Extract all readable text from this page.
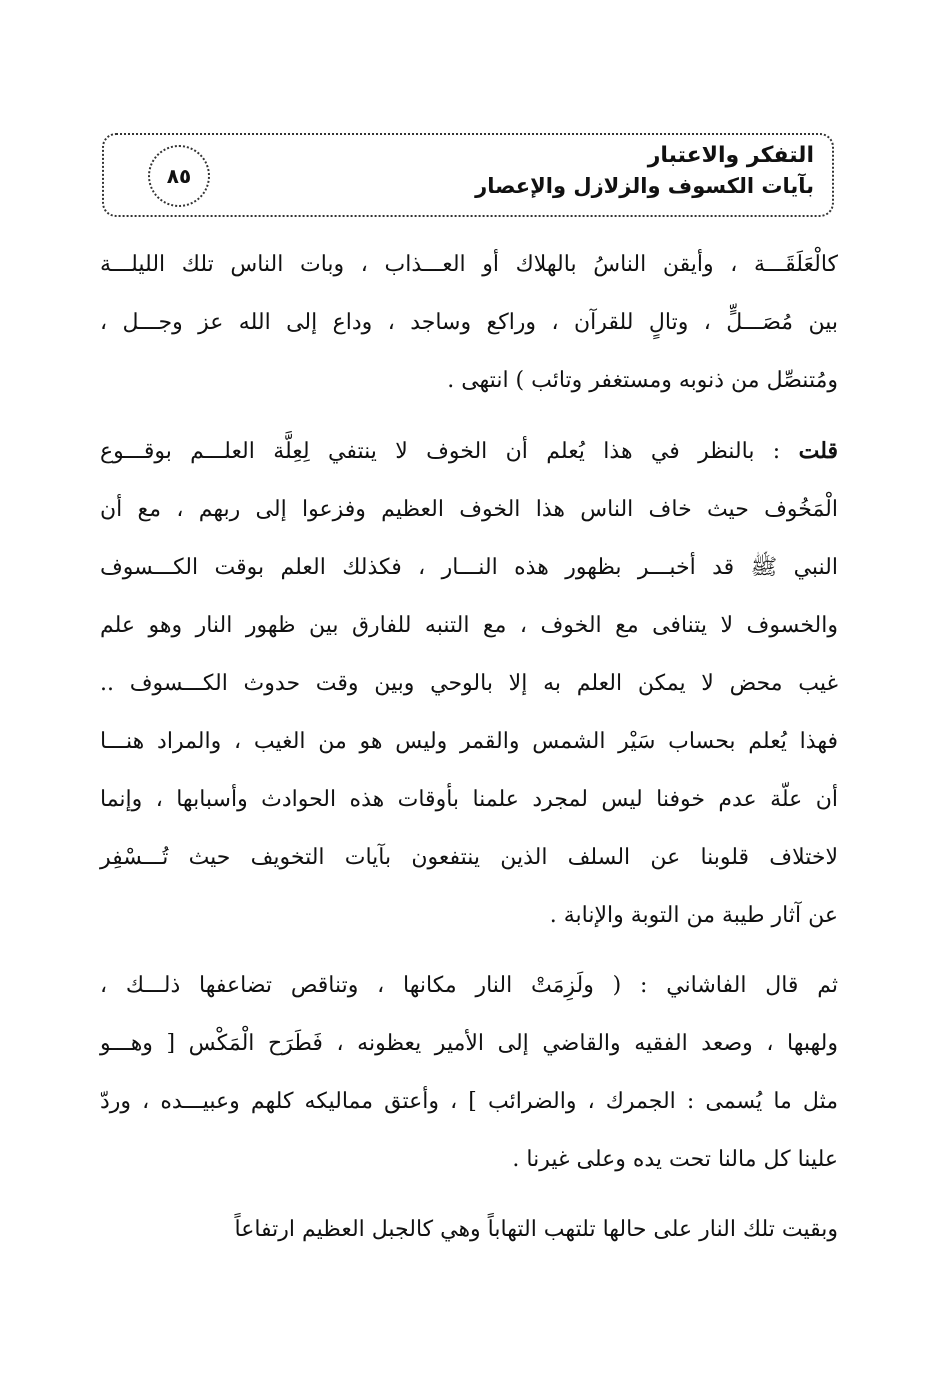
التفكر والاعتبار
بآيات الكسوف والزلازل والإعصار
٨٥

كالْعَلَقَـــة ، وأيقن الناسُ بالهلاك أو العـــذاب ، وبات الناس تلك الليلـــة
بين مُصَـــلٍّ ، وتالٍ للقرآن ، وراكع وساجد ، وداع إلى الله عز وجـــل ،
ومُتنصِّل من ذنوبه ومستغفر وتائب ) انتهى .

قلت : بالنظر في هذا يُعلم أن الخوف لا ينتفي لِعِلَّة العلـــم بوقـــوع
الْمَخُوف حيث خاف الناس هذا الخوف العظيم وفزعوا إلى ربهم ، مع أن
النبي ﷺ قد أخبـــر بظهور هذه النـــار ، فكذلك العلم بوقت الكـــسوف
والخسوف لا يتنافى مع الخوف ، مع التنبه للفارق بين ظهور النار وهو علم
غيب محض لا يمكن العلم به إلا بالوحي وبين وقت حدوث الكـــسوف ..
فهذا يُعلم بحساب سَيْر الشمس والقمر وليس هو من الغيب ، والمراد هنـــا
أن علّة عدم خوفنا ليس لمجرد علمنا بأوقات هذه الحوادث وأسبابها ، وإنما
لاختلاف قلوبنا عن السلف الذين ينتفعون بآيات التخويف حيث تُـــسْفِر
عن آثار طيبة من التوبة والإنابة .

ثم قال الفاشاني : ( ولَزِمَتْ النار مكانها ، وتناقص تضاعفها ذلـــك ،
ولهبها ، وصعد الفقيه والقاضي إلى الأمير يعظونه ، فَطَرَح الْمَكْس [ وهـــو
مثل ما يُسمى : الجمرك ، والضرائب ] ، وأعتق مماليكه كلهم وعبيـــده ، وردّ
علينا كل مالنا تحت يده وعلى غيرنا .

وبقيت تلك النار على حالها تلتهب التهاباً وهي كالجبل العظيم ارتفاعاً
